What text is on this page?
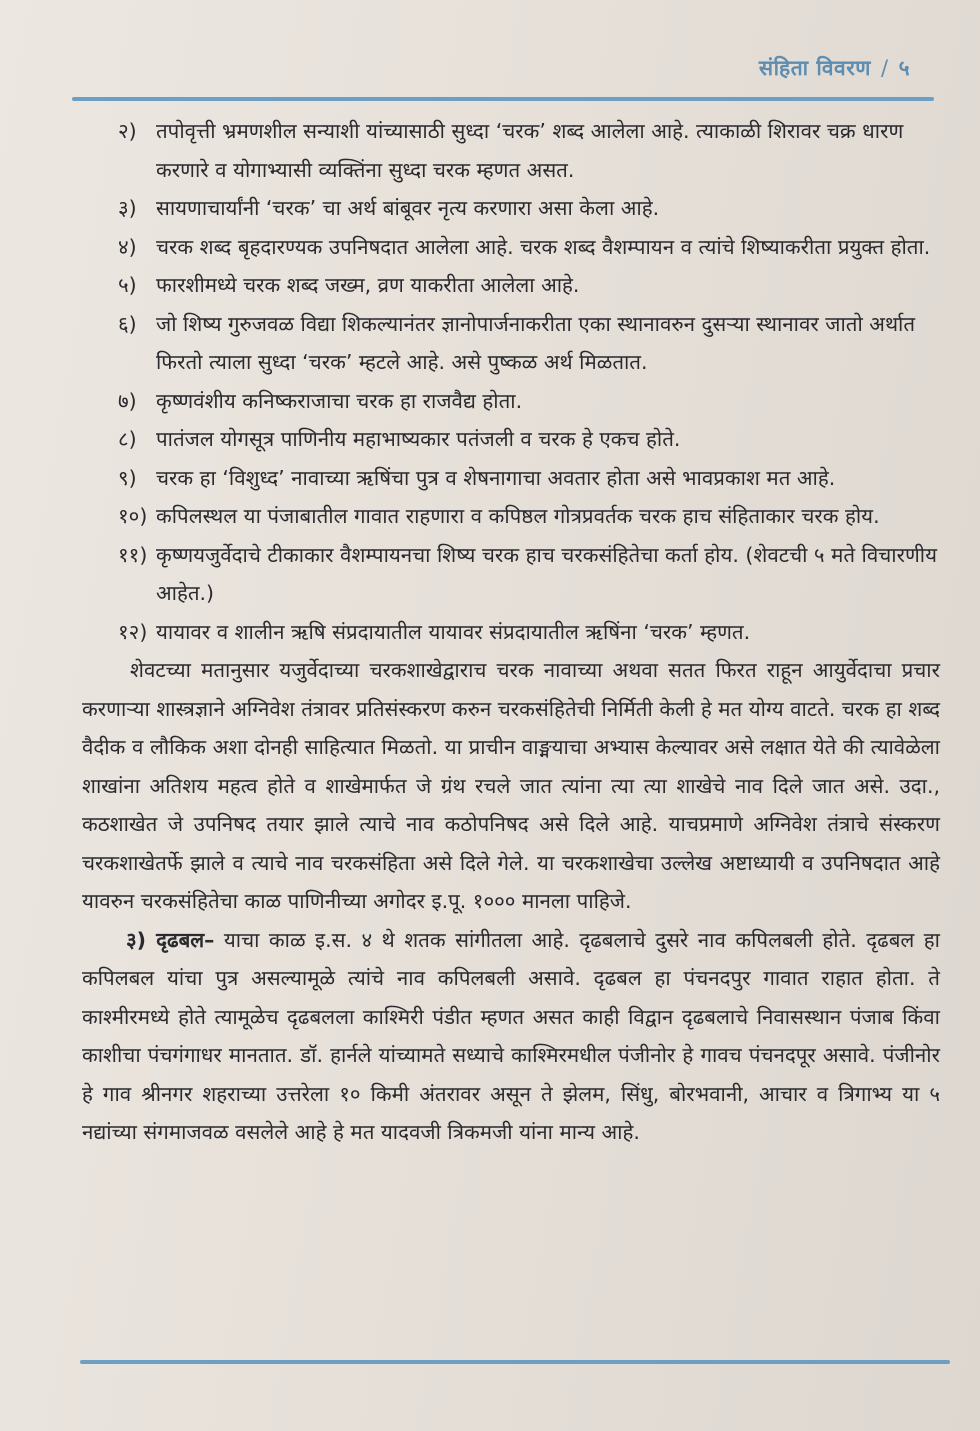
संहिता विवरण / ५

२) तपोवृत्ती भ्रमणशील सन्याशी यांच्यासाठी सुध्दा ‘चरक’ शब्द आलेला आहे. त्याकाळी शिरावर चक्र धारण करणारे व योगाभ्यासी व्यक्तिंना सुध्दा चरक म्हणत असत.

३) सायणाचार्यांनी ‘चरक’ चा अर्थ बांबूवर नृत्य करणारा असा केला आहे.

४) चरक शब्द बृहदारण्यक उपनिषदात आलेला आहे. चरक शब्द वैशम्पायन व त्यांचे शिष्याकरीता प्रयुक्त होता.

५) फारशीमध्ये चरक शब्द जख्म, व्रण याकरीता आलेला आहे.

६) जो शिष्य गुरुजवळ विद्या शिकल्यानंतर ज्ञानोपार्जनाकरीता एका स्थानावरुन दुसऱ्या स्थानावर जातो अर्थात फिरतो त्याला सुध्दा ‘चरक’ म्हटले आहे. असे पुष्कळ अर्थ मिळतात.

७) कृष्णवंशीय कनिष्कराजाचा चरक हा राजवैद्य होता.

८) पातंजल योगसूत्र पाणिनीय महाभाष्यकार पतंजली व चरक हे एकच होते.

९) चरक हा ‘विशुध्द’ नावाच्या ऋषिंचा पुत्र व शेषनागाचा अवतार होता असे भावप्रकाश मत आहे.

१०) कपिलस्थल या पंजाबातील गावात राहणारा व कपिष्ठल गोत्रप्रवर्तक चरक हाच संहिताकार चरक होय.

११) कृष्णयजुर्वेदाचे टीकाकार वैशम्पायनचा शिष्य चरक हाच चरकसंहितेचा कर्ता होय. (शेवटची ५ मते विचारणीय आहेत.)

१२) यायावर व शालीन ऋषि संप्रदायातील यायावर संप्रदायातील ऋषिंना ‘चरक’ म्हणत.

शेवटच्या मतानुसार यजुर्वेदाच्या चरकशाखेद्वाराच चरक नावाच्या अथवा सतत फिरत राहून आयुर्वेदाचा प्रचार करणाऱ्या शास्त्रज्ञाने अग्निवेश तंत्रावर प्रतिसंस्करण करुन चरकसंहितेची निर्मिती केली हे मत योग्य वाटते. चरक हा शब्द वैदीक व लौकिक अशा दोनही साहित्यात मिळतो. या प्राचीन वाङ्मयाचा अभ्यास केल्यावर असे लक्षात येते की त्यावेळेला शाखांना अतिशय महत्व होते व शाखेमार्फत जे ग्रंथ रचले जात त्यांना त्या त्या शाखेचे नाव दिले जात असे. उदा., कठशाखेत जे उपनिषद तयार झाले त्याचे नाव कठोपनिषद असे दिले आहे. याचप्रमाणे अग्निवेश तंत्राचे संस्करण चरकशाखेतर्फे झाले व त्याचे नाव चरकसंहिता असे दिले गेले. या चरकशाखेचा उल्लेख अष्टाध्यायी व उपनिषदात आहे यावरुन चरकसंहितेचा काळ पाणिनीच्या अगोदर इ.पू. १००० मानला पाहिजे.

३) दृढबल– याचा काळ इ.स. ४ थे शतक सांगीतला आहे. दृढबलाचे दुसरे नाव कपिलबली होते. दृढबल हा कपिलबल यांचा पुत्र असल्यामूळे त्यांचे नाव कपिलबली असावे. दृढबल हा पंचनदपुर गावात राहात होता. ते काश्मीरमध्ये होते त्यामूळेच दृढबलला काश्मिरी पंडीत म्हणत असत काही विद्वान दृढबलाचे निवासस्थान पंजाब किंवा काशीचा पंचगंगाधर मानतात. डॉ. हार्नले यांच्यामते सध्याचे काश्मिरमधील पंजीनोर हे गावच पंचनदपूर असावे. पंजीनोर हे गाव श्रीनगर शहराच्या उत्तरेला १० किमी अंतरावर असून ते झेलम, सिंधु, बोरभवानी, आचार व त्रिगाभ्य या ५ नद्यांच्या संगमाजवळ वसलेले आहे हे मत यादवजी त्रिकमजी यांना मान्य आहे.
